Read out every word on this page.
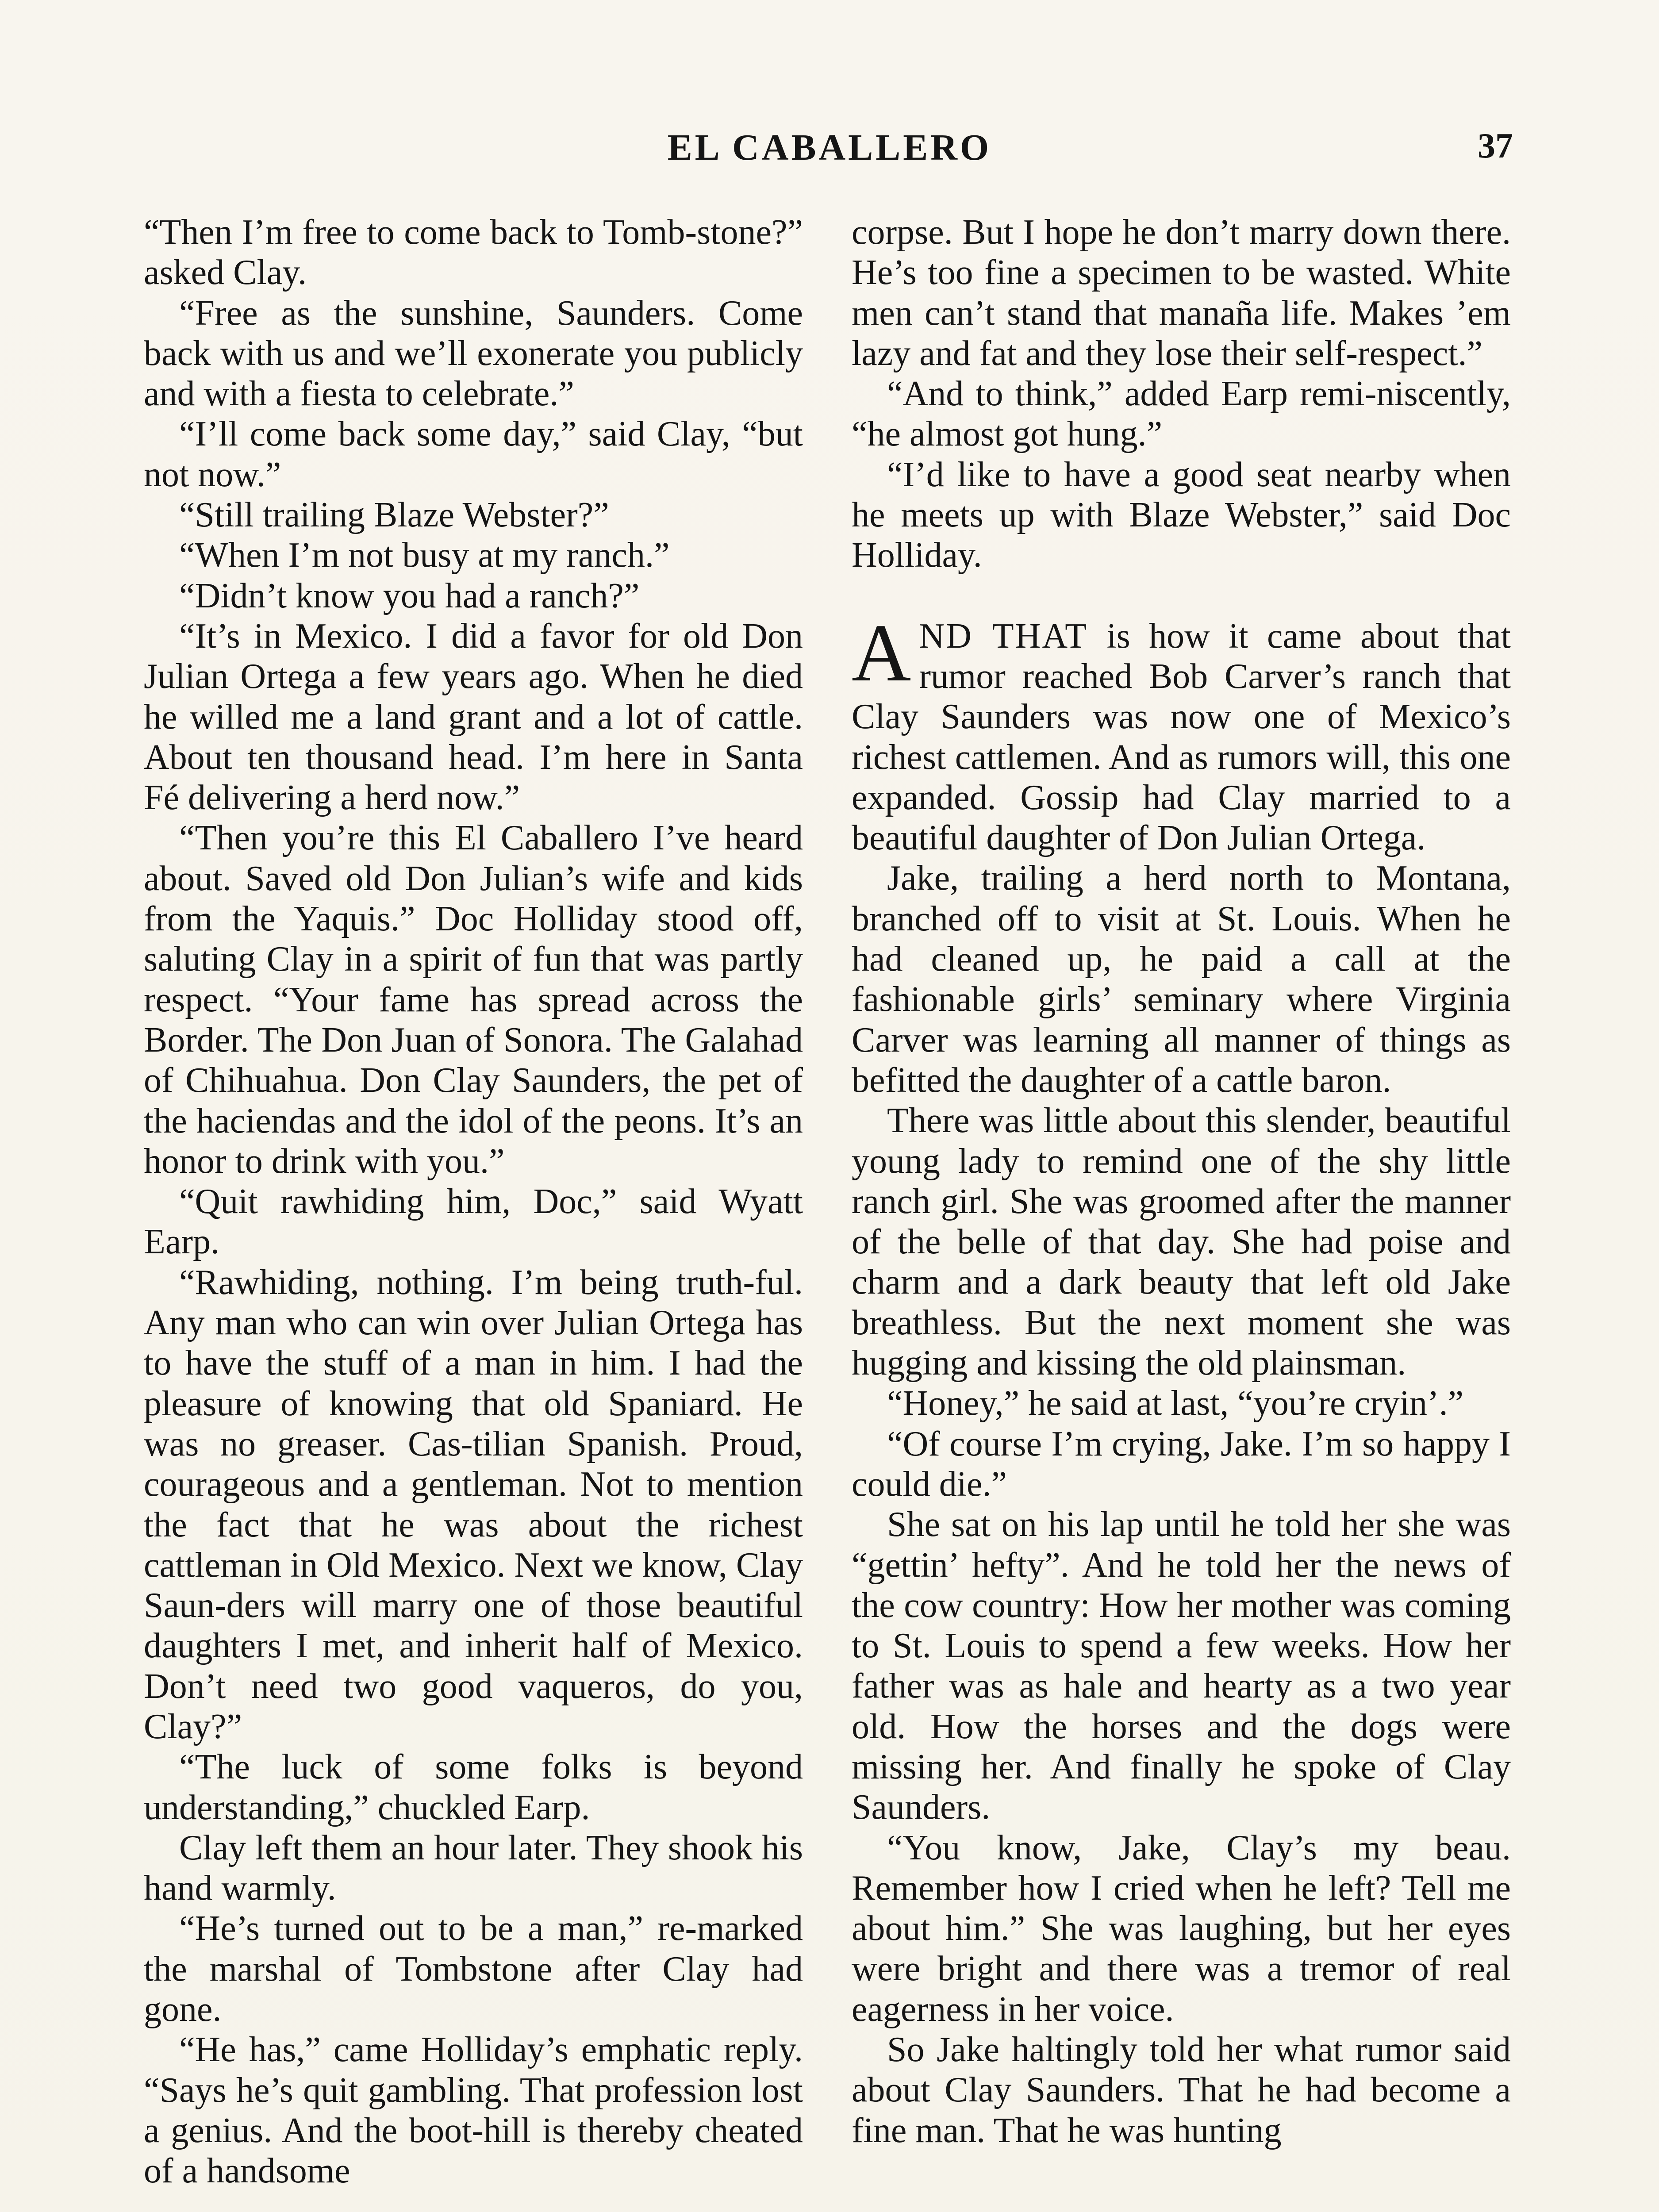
EL CABALLERO	37

“Then I’m free to come back to Tomb-stone?” asked Clay.

“Free as the sunshine, Saunders. Come back with us and we’ll exonerate you publicly and with a fiesta to celebrate.”

“I’ll come back some day,” said Clay, “but not now.”

“Still trailing Blaze Webster?”

“When I’m not busy at my ranch.”

“Didn’t know you had a ranch?”

“It’s in Mexico. I did a favor for old Don Julian Ortega a few years ago. When he died he willed me a land grant and a lot of cattle. About ten thousand head. I’m here in Santa Fé delivering a herd now.”

“Then you’re this El Caballero I’ve heard about. Saved old Don Julian’s wife and kids from the Yaquis.” Doc Holliday stood off, saluting Clay in a spirit of fun that was partly respect. “Your fame has spread across the Border. The Don Juan of Sonora. The Galahad of Chihuahua. Don Clay Saunders, the pet of the haciendas and the idol of the peons. It’s an honor to drink with you.”

“Quit rawhiding him, Doc,” said Wyatt Earp.

“Rawhiding, nothing. I’m being truth-ful. Any man who can win over Julian Ortega has to have the stuff of a man in him. I had the pleasure of knowing that old Spaniard. He was no greaser. Cas-tilian Spanish. Proud, courageous and a gentleman. Not to mention the fact that he was about the richest cattleman in Old Mexico. Next we know, Clay Saun-ders will marry one of those beautiful daughters I met, and inherit half of Mexico. Don’t need two good vaqueros, do you, Clay?”

“The luck of some folks is beyond understanding,” chuckled Earp.

Clay left them an hour later. They shook his hand warmly.

“He’s turned out to be a man,” re-marked the marshal of Tombstone after Clay had gone.

“He has,” came Holliday’s emphatic reply. “Says he’s quit gambling. That profession lost a genius. And the boot-hill is thereby cheated of a handsome

corpse. But I hope he don’t marry down there. He’s too fine a specimen to be wasted. White men can’t stand that manaña life. Makes ’em lazy and fat and they lose their self-respect.”

“And to think,” added Earp remi-niscently, “he almost got hung.”

“I’d like to have a good seat nearby when he meets up with Blaze Webster,” said Doc Holliday.

AND THAT is how it came about that rumor reached Bob Carver’s ranch that Clay Saunders was now one of Mexico’s richest cattlemen. And as rumors will, this one expanded. Gossip had Clay married to a beautiful daughter of Don Julian Ortega.

Jake, trailing a herd north to Montana, branched off to visit at St. Louis. When he had cleaned up, he paid a call at the fashionable girls’ seminary where Virginia Carver was learning all manner of things as befitted the daughter of a cattle baron.

There was little about this slender, beautiful young lady to remind one of the shy little ranch girl. She was groomed after the manner of the belle of that day. She had poise and charm and a dark beauty that left old Jake breathless. But the next moment she was hugging and kissing the old plainsman.

“Honey,” he said at last, “you’re cryin’.”

“Of course I’m crying, Jake. I’m so happy I could die.”

She sat on his lap until he told her she was “gettin’ hefty”. And he told her the news of the cow country: How her mother was coming to St. Louis to spend a few weeks. How her father was as hale and hearty as a two year old. How the horses and the dogs were missing her. And finally he spoke of Clay Saunders.

“You know, Jake, Clay’s my beau. Remember how I cried when he left? Tell me about him.” She was laughing, but her eyes were bright and there was a tremor of real eagerness in her voice.

So Jake haltingly told her what rumor said about Clay Saunders. That he had become a fine man. That he was hunting
